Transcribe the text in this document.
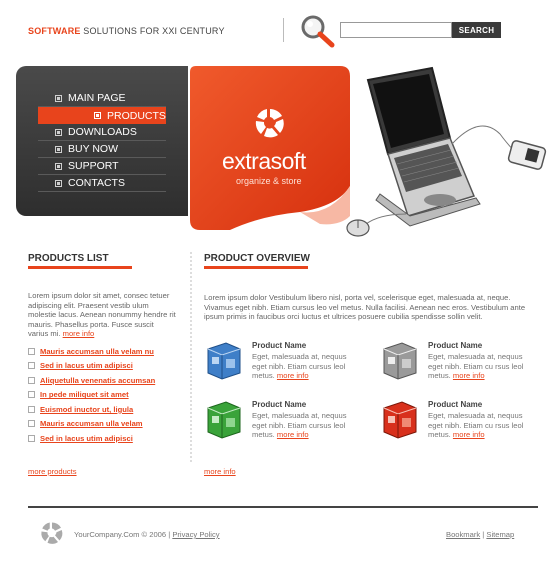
SOFTWARE SOLUTIONS FOR XXI CENTURY	SEARCH
MAIN PAGE
PRODUCTS
DOWNLOADS
BUY NOW
SUPPORT
CONTACTS
extrasoft
organize & store
PRODUCTS LIST
Lorem ipsum dolor sit amet, consec tetuer adipiscing elit. Praesent vestib ulum molestie lacus. Aenean nonummy hendre rit mauris. Phasellus porta. Fusce suscit varius mi. more info
Mauris accumsan ulla velam nu
Sed in lacus utim adipisci
Aliquetulla venenatis accumsan
In pede miliquet sit amet
Euismod inuctor ut, ligula
Mauris accumsan ulla velam
Sed in lacus utim adipisci
more products
PRODUCT OVERVIEW
Lorem ipsum dolor Vestibulum libero nisl, porta vel, scelerisque eget, malesuada at, neque. Vivamus eget nibh. Etiam cursus leo vel metus. Nulla facilisi. Aenean nec eros. Vestibulum ante ipsum primis in faucibus orci luctus et ultrices posuere cubilia spendisse sollin velit.
Product Name
Eget, malesuada at, nequus eget nibh. Etiam cursus leol metus. more info
Product Name
Eget, malesuada at, nequus eget nibh. Etiam cu rsus leol metus. more info
Product Name
Eget, malesuada at, nequus eget nibh. Etiam cursus leol metus. more info
Product Name
Eget, malesuada at, nequus eget nibh. Etiam cu rsus leol metus. more info
more info
YourCompany.Com © 2006 | Privacy Policy	Bookmark | Sitemap
